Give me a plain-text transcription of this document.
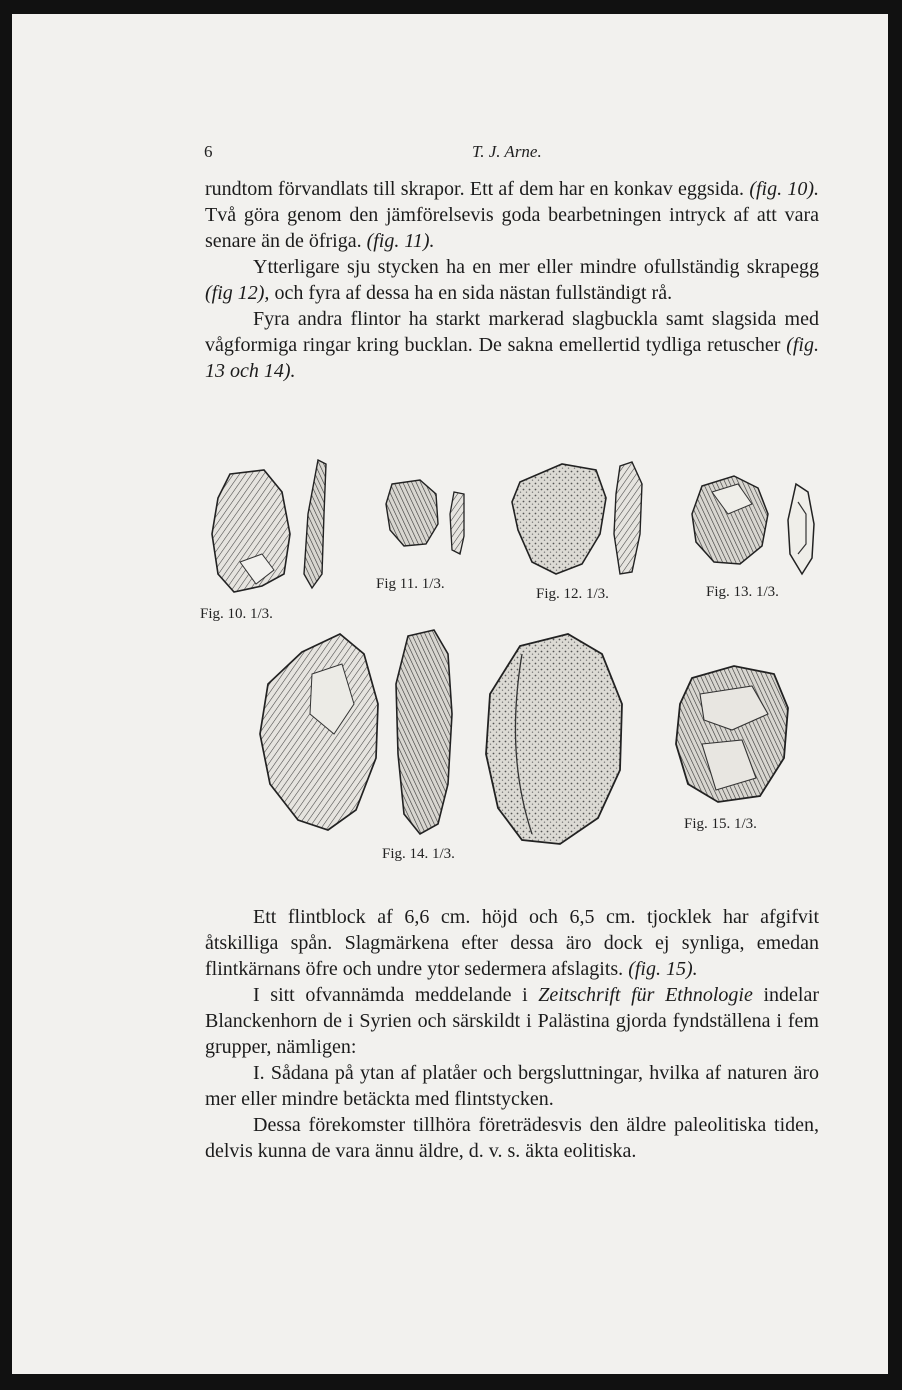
6	T. J. Arne.

rundtom förvandlats till skrapor. Ett af dem har en konkav eggsida. (fig. 10). Två göra genom den jämförelsevis goda bearbetningen intryck af att vara senare än de öfriga. (fig. 11).

Ytterligare sju stycken ha en mer eller mindre ofullständig skrapegg (fig 12), och fyra af dessa ha en sida nästan fullständigt rå.

Fyra andra flintor ha starkt markerad slagbuckla samt slagsida med vågformiga ringar kring bucklan. De sakna emellertid tydliga retuscher (fig. 13 och 14).

Fig. 10. 1/3.
Fig 11. 1/3.
Fig. 12. 1/3.	Fig. 13. 1/3.
Fig. 14. 1/3.
Fig. 15. 1/3.

Ett flintblock af 6,6 cm. höjd och 6,5 cm. tjocklek har afgifvit åtskilliga spån. Slagmärkena efter dessa äro dock ej synliga, emedan flintkärnans öfre och undre ytor sedermera afslagits. (fig. 15).

I sitt ofvannämda meddelande i Zeitschrift für Ethnologie indelar Blanckenhorn de i Syrien och särskildt i Palästina gjorda fyndställena i fem grupper, nämligen:

I. Sådana på ytan af platåer och bergsluttningar, hvilka af naturen äro mer eller mindre betäckta med flintstycken.

Dessa förekomster tillhöra företrädesvis den äldre paleolitiska tiden, delvis kunna de vara ännu äldre, d. v. s. äkta eolitiska.
